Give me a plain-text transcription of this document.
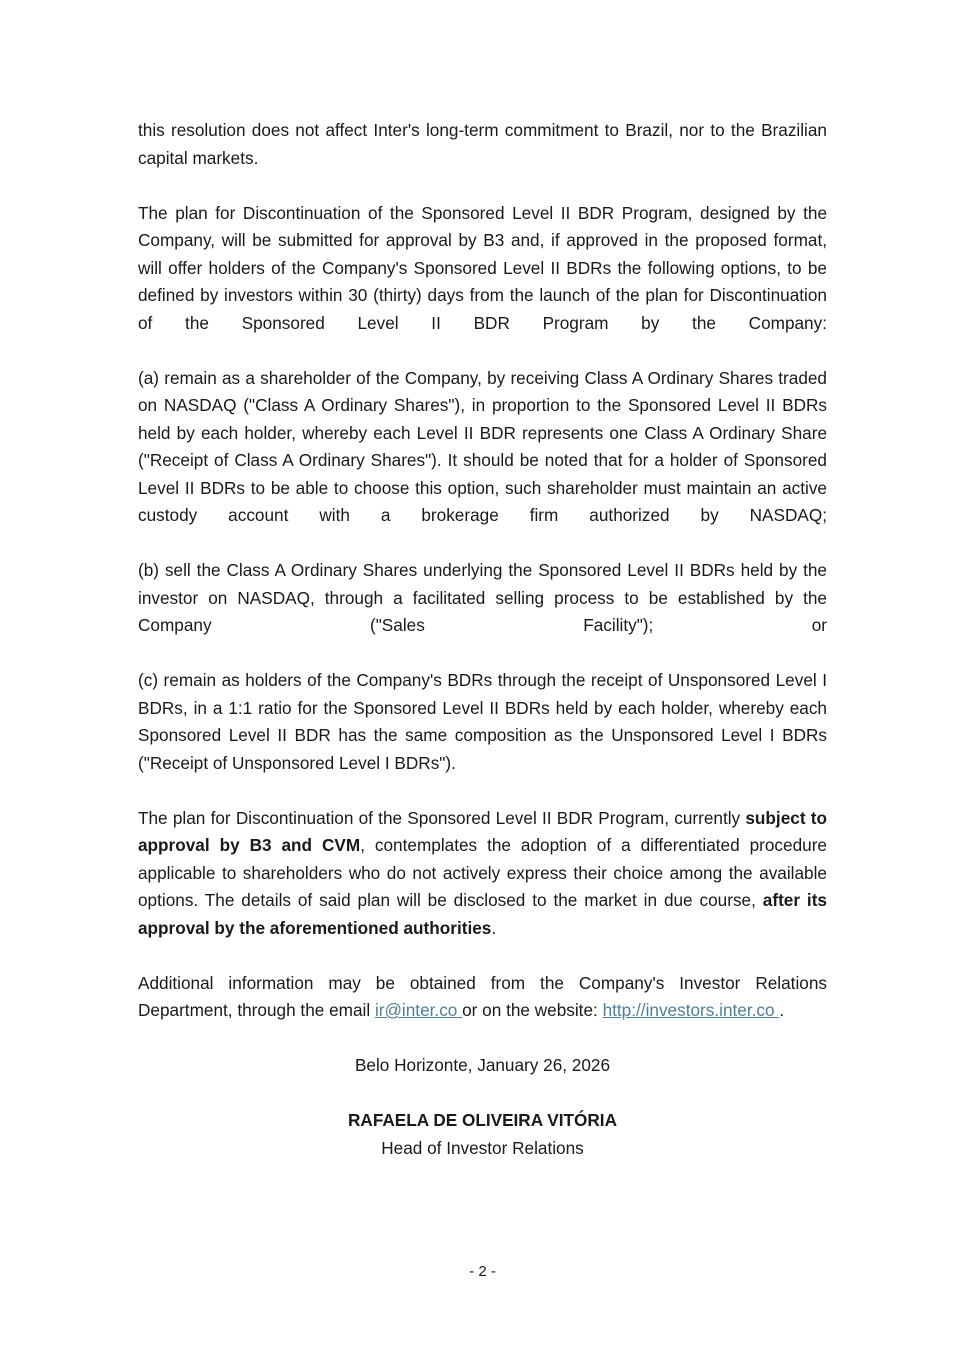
this resolution does not affect Inter's long-term commitment to Brazil, nor to the Brazilian capital markets.

The plan for Discontinuation of the Sponsored Level II BDR Program, designed by the Company, will be submitted for approval by B3 and, if approved in the proposed format, will offer holders of the Company's Sponsored Level II BDRs the following options, to be defined by investors within 30 (thirty) days from the launch of the plan for Discontinuation of the Sponsored Level II BDR Program by the Company:

(a) remain as a shareholder of the Company, by receiving Class A Ordinary Shares traded on NASDAQ ("Class A Ordinary Shares"), in proportion to the Sponsored Level II BDRs held by each holder, whereby each Level II BDR represents one Class A Ordinary Share ("Receipt of Class A Ordinary Shares"). It should be noted that for a holder of Sponsored Level II BDRs to be able to choose this option, such shareholder must maintain an active custody account with a brokerage firm authorized by NASDAQ;

(b) sell the Class A Ordinary Shares underlying the Sponsored Level II BDRs held by the investor on NASDAQ, through a facilitated selling process to be established by the Company ("Sales Facility"); or

(c) remain as holders of the Company's BDRs through the receipt of Unsponsored Level I BDRs, in a 1:1 ratio for the Sponsored Level II BDRs held by each holder, whereby each Sponsored Level II BDR has the same composition as the Unsponsored Level I BDRs ("Receipt of Unsponsored Level I BDRs").

The plan for Discontinuation of the Sponsored Level II BDR Program, currently subject to approval by B3 and CVM, contemplates the adoption of a differentiated procedure applicable to shareholders who do not actively express their choice among the available options. The details of said plan will be disclosed to the market in due course, after its approval by the aforementioned authorities.

Additional information may be obtained from the Company's Investor Relations Department, through the email ir@inter.co or on the website: http://investors.inter.co .

Belo Horizonte, January 26, 2026

RAFAELA DE OLIVEIRA VITÓRIA

Head of Investor Relations

- 2 -
